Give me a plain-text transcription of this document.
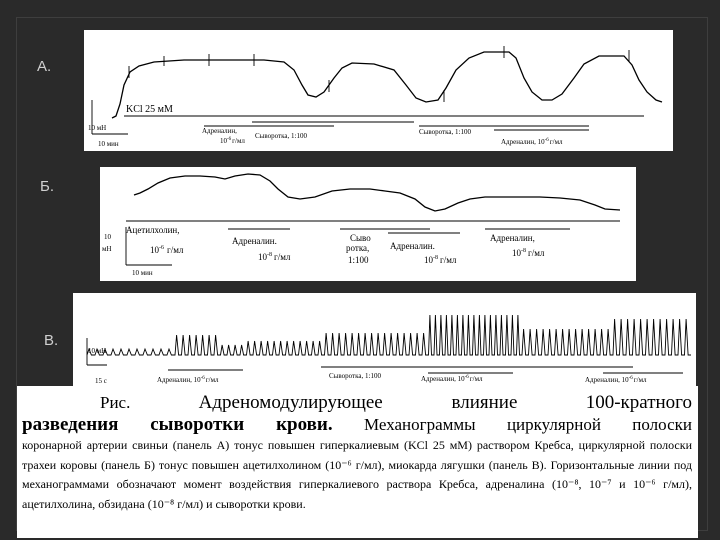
А.
Б.
В.
10 мН
10 мин
KCl 25 мМ
Адреналин,
$10^{-6}г/мл$
Сыворотка, 1:100	Сыворотка, 1:100
Адреналин, $10^{-6}г/мл$
10
мН
10 мин
Ацетилхолин,
$10^{-6}$ г/мл
Адреналин.
$10^{-8}$ г/мл
Сыво
ротка,
1:100
Адреналин.
$10^{-8}$ г/мл
Адреналин,
$10^{-8}$ г/мл
10 мН
15 с	Адреналин, $10^{-6}г/мл$	Сыворотка, 1:100	Адреналин, $10^{-6}г/мл$	Адреналин, $10^{-6}г/мл$
Рис.	Адреномодулирующее влияние	100-кратного
разведения сыворотки крови. Механограммы циркулярной полоски
коронарной артерии свиньи (панель А) тонус повышен гиперкалиевым (KCl 25 мМ) раствором Кребса, циркулярной полоски трахеи коровы (панель Б) тонус повышен ацетилхолином (10⁻⁶ г/мл), миокарда лягушки (панель В). Горизонтальные линии под механограммами обозначают момент воздействия гиперкалиевого раствора Кребса, адреналина (10⁻⁸, 10⁻⁷ и 10⁻⁶ г/мл), ацетилхолина, обзидана (10⁻⁸ г/мл) и сыворотки крови.
